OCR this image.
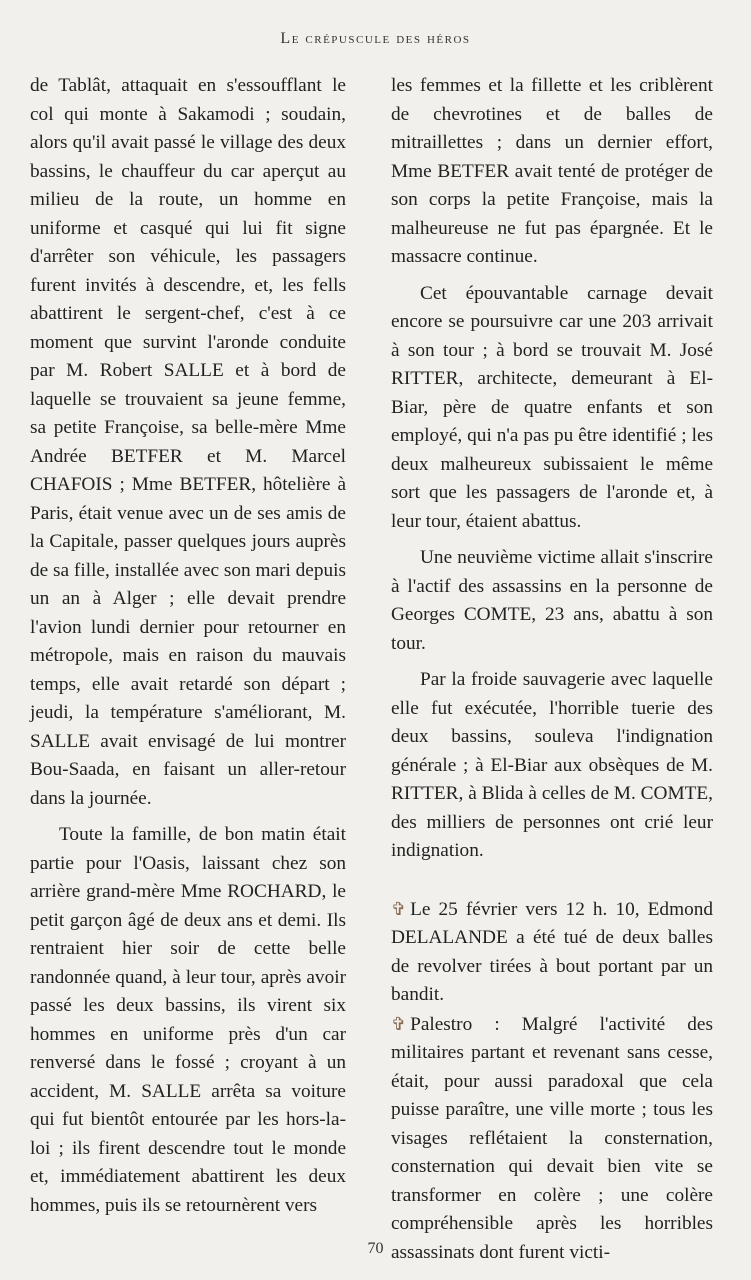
Le crépuscule des héros

de Tablât, attaquait en s'essoufflant le col qui monte à Sakamodi ; soudain, alors qu'il avait passé le village des deux bassins, le chauffeur du car aperçut au milieu de la route, un homme en uniforme et casqué qui lui fit signe d'arrêter son véhicule, les passagers furent invités à descendre, et, les fells abattirent le sergent-chef, c'est à ce moment que survint l'aronde conduite par M. Robert SALLE et à bord de laquelle se trouvaient sa jeune femme, sa petite Françoise, sa belle-mère Mme Andrée BETFER et M. Marcel CHAFOIS ; Mme BETFER, hôtelière à Paris, était venue avec un de ses amis de la Capitale, passer quelques jours auprès de sa fille, installée avec son mari depuis un an à Alger ; elle devait prendre l'avion lundi dernier pour retourner en métropole, mais en raison du mauvais temps, elle avait retardé son départ ; jeudi, la température s'améliorant, M. SALLE avait envisagé de lui montrer Bou-Saada, en faisant un aller-retour dans la journée.

Toute la famille, de bon matin était partie pour l'Oasis, laissant chez son arrière grand-mère Mme ROCHARD, le petit garçon âgé de deux ans et demi. Ils rentraient hier soir de cette belle randonnée quand, à leur tour, après avoir passé les deux bassins, ils virent six hommes en uniforme près d'un car renversé dans le fossé ; croyant à un accident, M. SALLE arrêta sa voiture qui fut bientôt entourée par les hors-la-loi ; ils firent descendre tout le monde et, immédiatement abattirent les deux hommes, puis ils se retournèrent vers

les femmes et la fillette et les criblèrent de chevrotines et de balles de mitraillettes ; dans un dernier effort, Mme BETFER avait tenté de protéger de son corps la petite Françoise, mais la malheureuse ne fut pas épargnée. Et le massacre continue.

Cet épouvantable carnage devait encore se poursuivre car une 203 arrivait à son tour ; à bord se trouvait M. José RITTER, architecte, demeurant à El-Biar, père de quatre enfants et son employé, qui n'a pas pu être identifié ; les deux malheureux subissaient le même sort que les passagers de l'aronde et, à leur tour, étaient abattus.

Une neuvième victime allait s'inscrire à l'actif des assassins en la personne de Georges COMTE, 23 ans, abattu à son tour.

Par la froide sauvagerie avec laquelle elle fut exécutée, l'horrible tuerie des deux bassins, souleva l'indignation générale ; à El-Biar aux obsèques de M. RITTER, à Blida à celles de M. COMTE, des milliers de personnes ont crié leur indignation.

✞ Le 25 février vers 12 h. 10, Edmond DELALANDE a été tué de deux balles de revolver tirées à bout portant par un bandit.

✞ Palestro : Malgré l'activité des militaires partant et revenant sans cesse, était, pour aussi paradoxal que cela puisse paraître, une ville morte ; tous les visages reflétaient la consternation, consternation qui devait bien vite se transformer en colère ; une colère compréhensible après les horribles assassinats dont furent victi-

70
